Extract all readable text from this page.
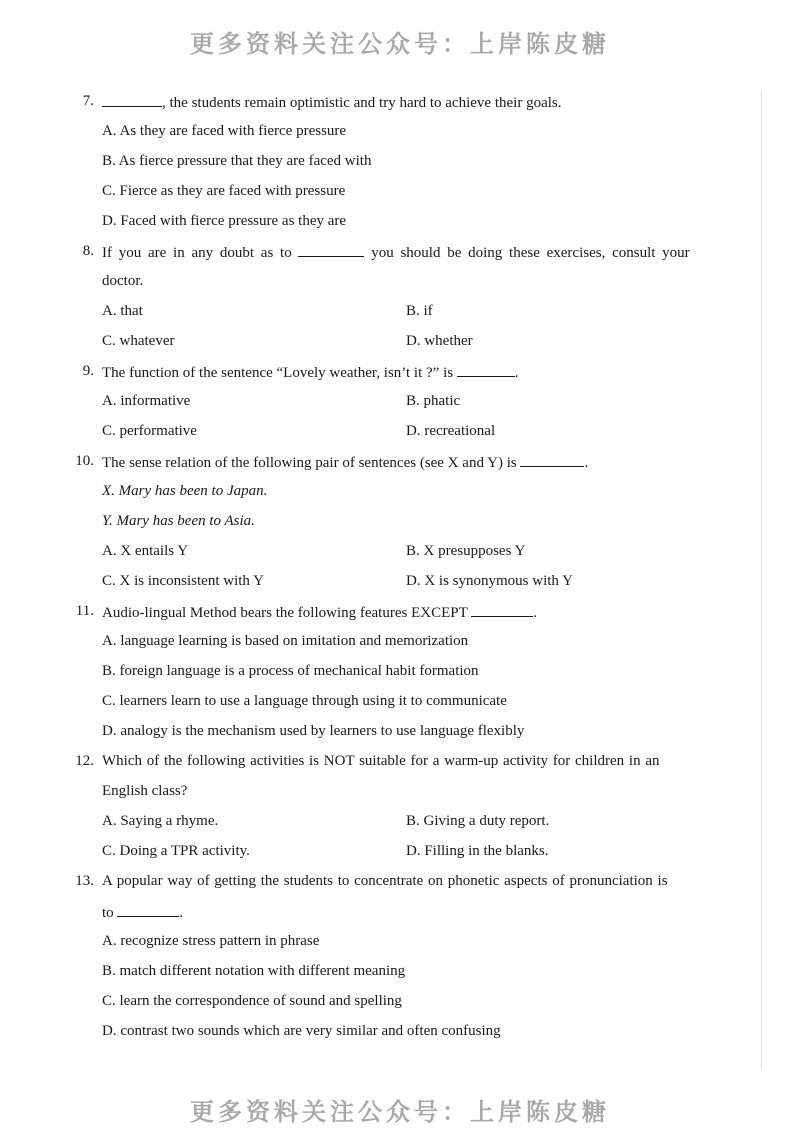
更多资料关注公众号：上岸陈皮糖
7.	, the students remain optimistic and try hard to achieve their goals.
A. As they are faced with fierce pressure
B. As fierce pressure that they are faced with
C. Fierce as they are faced with pressure
D. Faced with fierce pressure as they are
8. If you are in any doubt as to	you should be doing these exercises, consult your
doctor.
A. that	B. if
C. whatever	D. whether
9. The function of the sentence “Lovely weather, isn’t it ?” is	.
A. informative	B. phatic
C. performative	D. recreational
10. The sense relation of the following pair of sentences (see X and Y) is	.
X. Mary has been to Japan.
Y. Mary has been to Asia.
A. X entails Y	B. X presupposes Y
C. X is inconsistent with Y	D. X is synonymous with Y
11. Audio-lingual Method bears the following features EXCEPT	.
A. language learning is based on imitation and memorization
B. foreign language is a process of mechanical habit formation
C. learners learn to use a language through using it to communicate
D. analogy is the mechanism used by learners to use language flexibly
12. Which of the following activities is NOT suitable for a warm-up activity for children in an
English class?
A. Saying a rhyme.	B. Giving a duty report.
C. Doing a TPR activity.	D. Filling in the blanks.
13. A popular way of getting the students to concentrate on phonetic aspects of pronunciation is
to	.
A. recognize stress pattern in phrase
B. match different notation with different meaning
C. learn the correspondence of sound and spelling
D. contrast two sounds which are very similar and often confusing
更多资料关注公众号：上岸陈皮糖
